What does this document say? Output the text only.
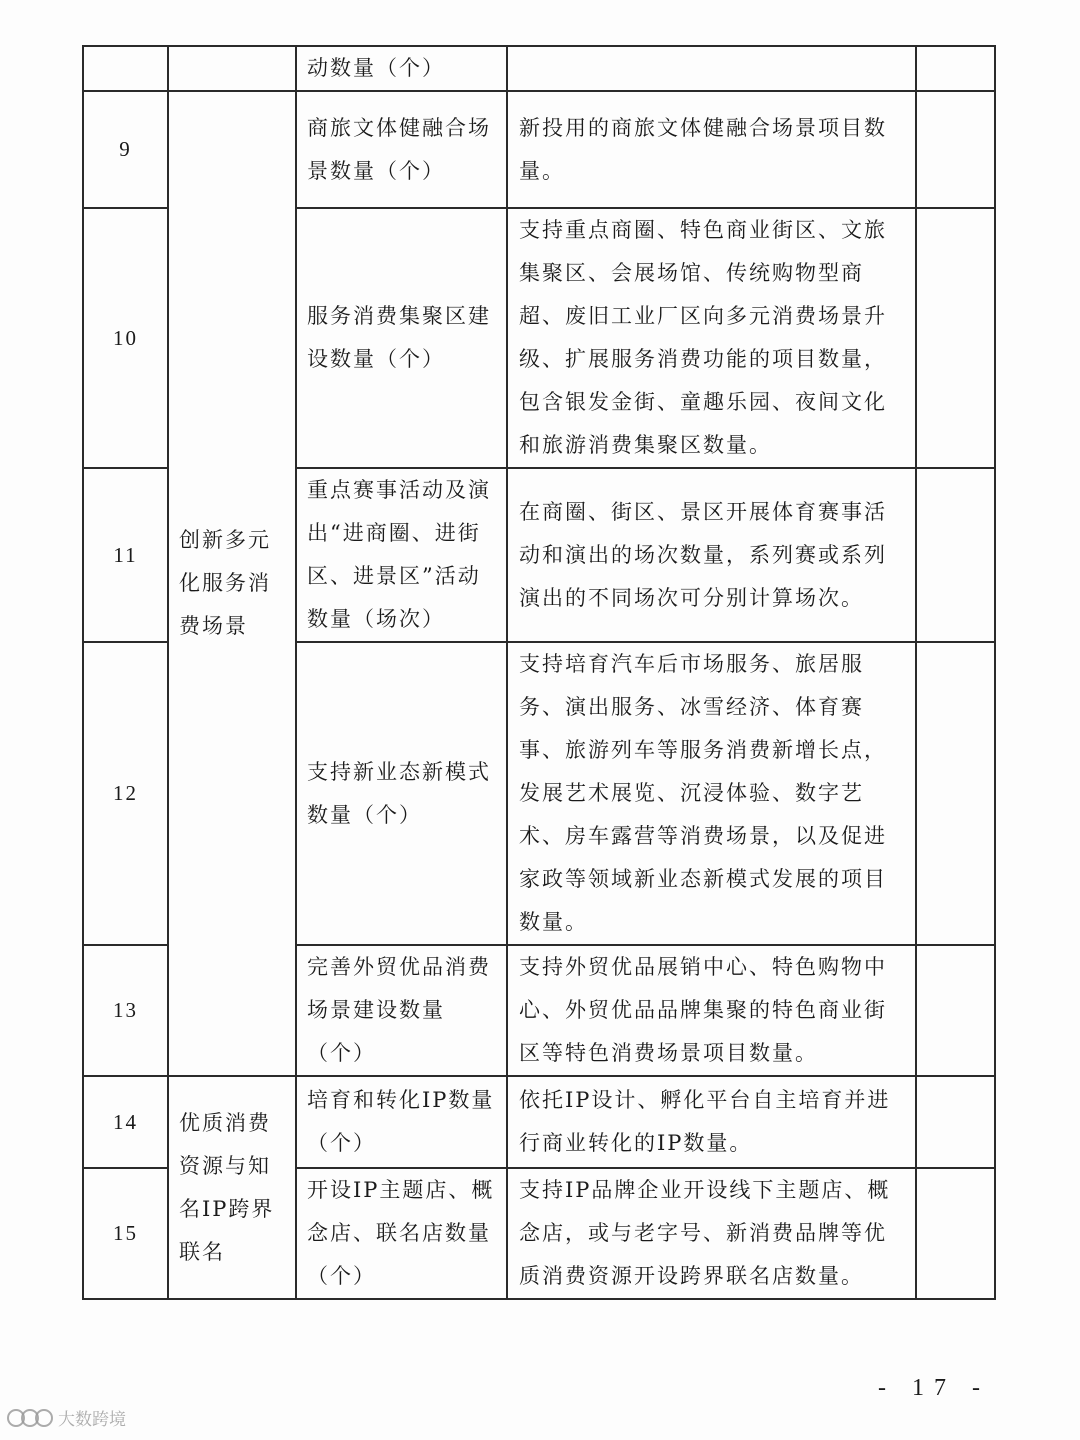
		动数量（个）		
9	创新多元化服务消费场景	商旅文体健融合场景数量（个）	新投用的商旅文体健融合场景项目数量。	
10		服务消费集聚区建设数量（个）	支持重点商圈、特色商业街区、文旅集聚区、会展场馆、传统购物型商超、废旧工业厂区向多元消费场景升级、扩展服务消费功能的项目数量，包含银发金街、童趣乐园、夜间文化和旅游消费集聚区数量。	
11		重点赛事活动及演出“进商圈、进街区、进景区”活动数量（场次）	在商圈、街区、景区开展体育赛事活动和演出的场次数量，系列赛或系列演出的不同场次可分别计算场次。	
12		支持新业态新模式数量（个）	支持培育汽车后市场服务、旅居服务、演出服务、冰雪经济、体育赛事、旅游列车等服务消费新增长点，发展艺术展览、沉浸体验、数字艺术、房车露营等消费场景，以及促进家政等领域新业态新模式发展的项目数量。	
13		完善外贸优品消费场景建设数量（个）	支持外贸优品展销中心、特色购物中心、外贸优品品牌集聚的特色商业街区等特色消费场景项目数量。	
14	优质消费资源与知名IP跨界联名	培育和转化IP数量（个）	依托IP设计、孵化平台自主培育并进行商业转化的IP数量。	
15		开设IP主题店、概念店、联名店数量（个）	支持IP品牌企业开设线下主题店、概念店，或与老字号、新消费品牌等优质消费资源开设跨界联名店数量。	
- 17 -
大数跨境
